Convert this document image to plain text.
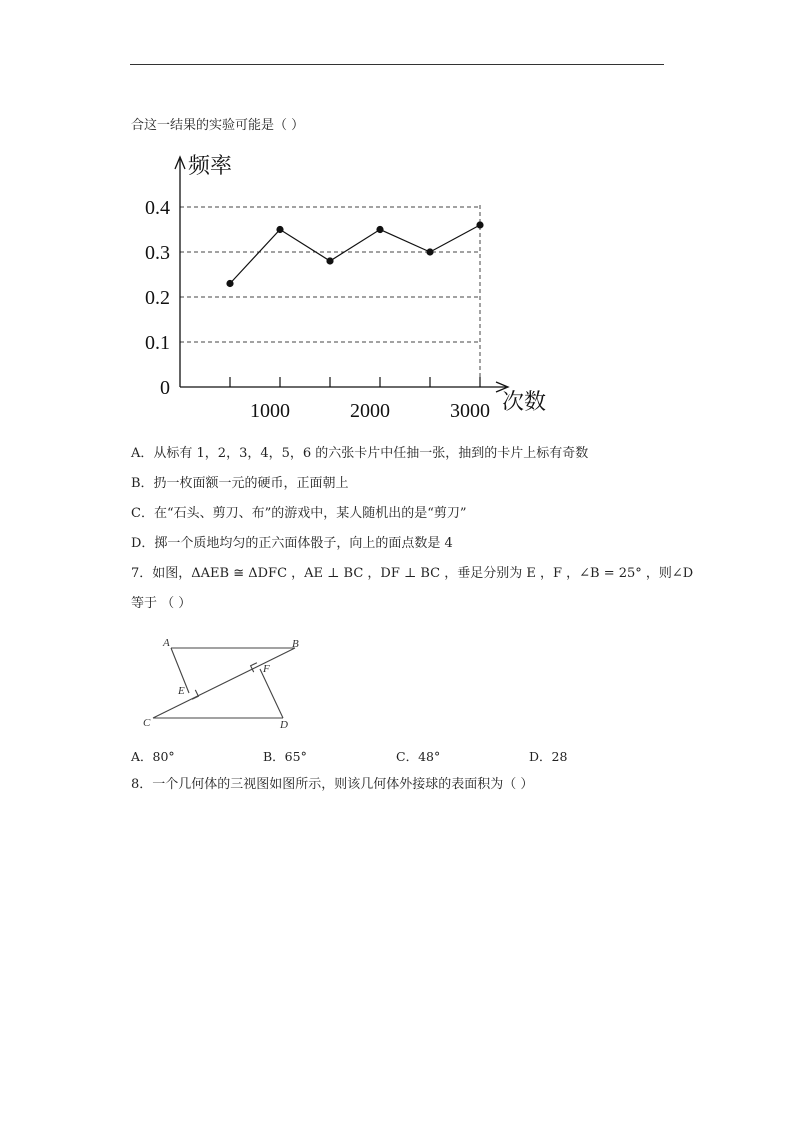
合这一结果的实验可能是（ ）
0
0.1
0.2
0.3
0.4
1000	2000	3000
频率
次数
A．从标有 1，2，3，4，5，6 的六张卡片中任抽一张，抽到的卡片上标有奇数
B．扔一枚面额一元的硬币，正面朝上
C．在“石头、剪刀、布”的游戏中，某人随机出的是“剪刀”
D．掷一个质地均匀的正六面体骰子，向上的面点数是 4
7．如图，ΔAEB ≅ ΔDFC ，AE ⊥ BC ，DF ⊥ BC ，垂足分别为 E ，F ，∠B = 25° ，则∠D
等于 （ ）
A	B
C	D
E
F
A．80°	B．65°	C．48°	D．28
8．一个几何体的三视图如图所示，则该几何体外接球的表面积为（ ）
